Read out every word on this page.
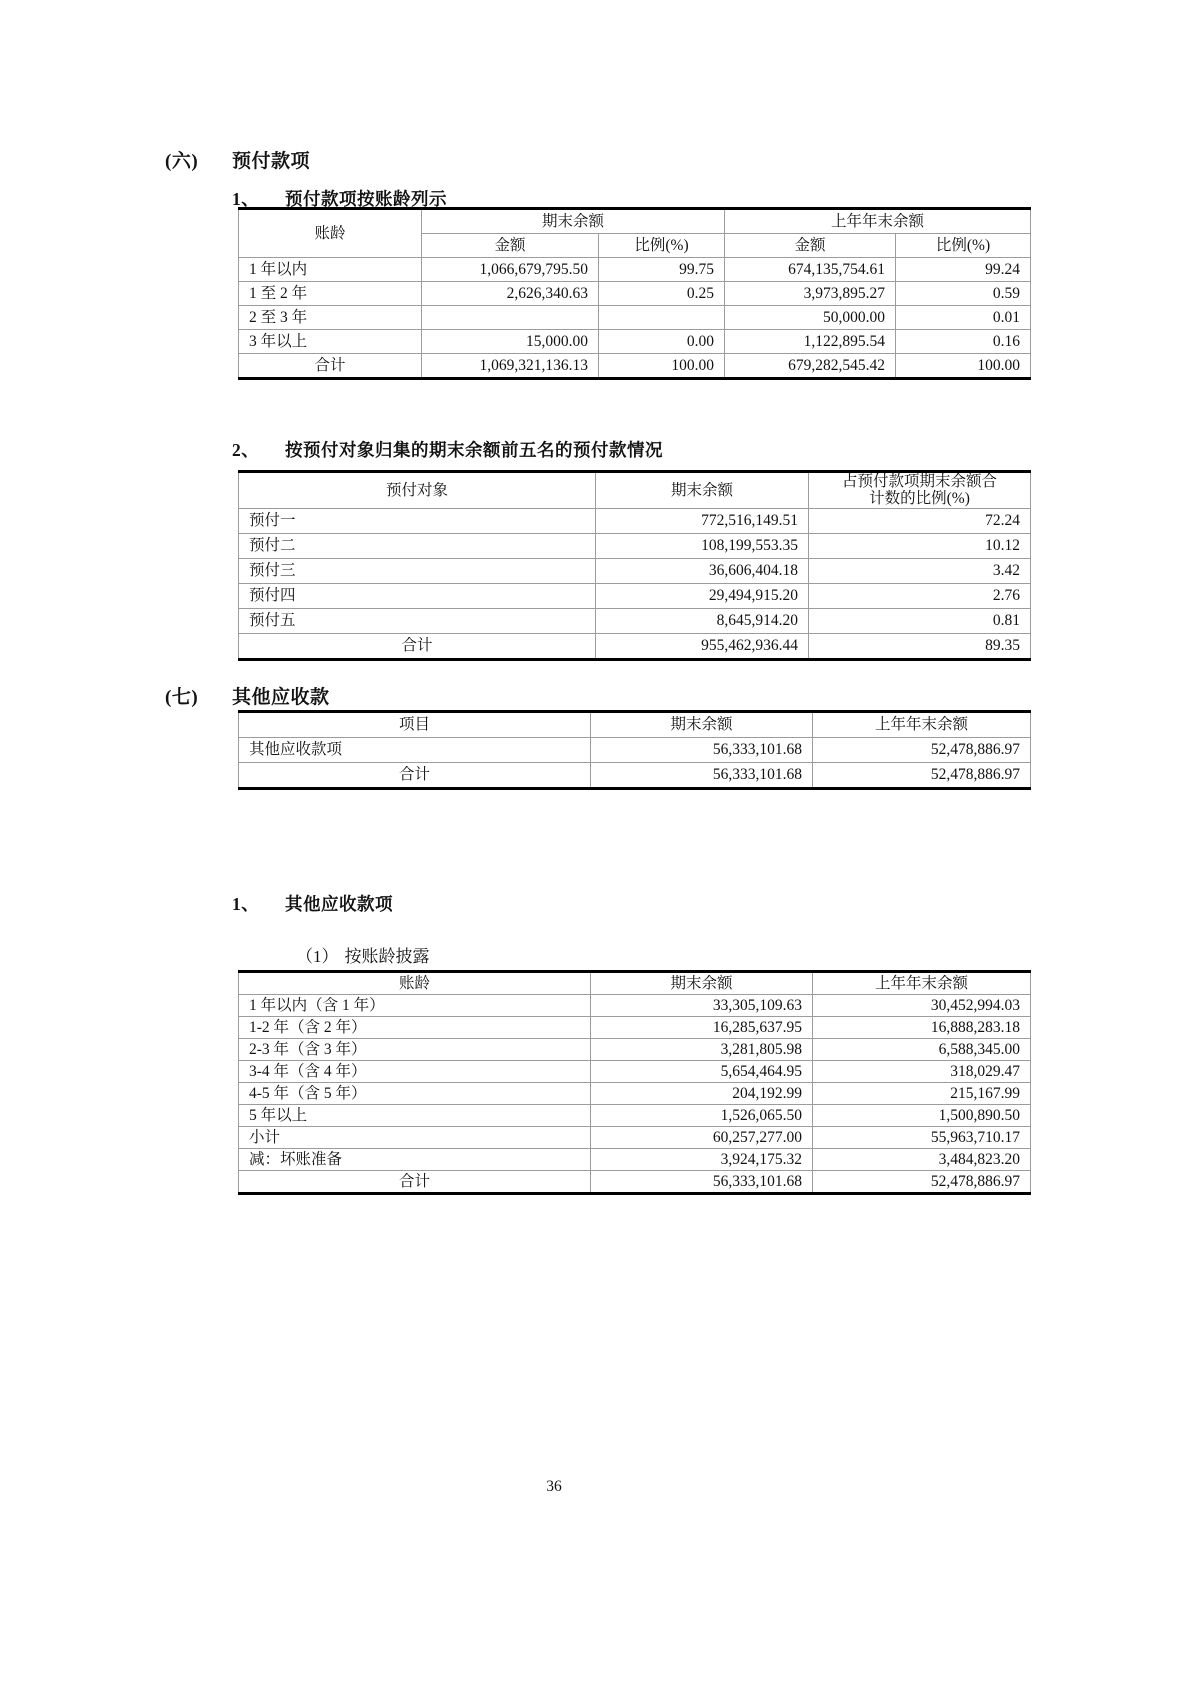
(六)	预付款项
1、	预付款项按账龄列示
账龄	期末余额		上年年末余额	
	金额	比例(%)	金额	比例(%)
1 年以内	1,066,679,795.50	99.75	674,135,754.61	99.24
1 至 2 年	2,626,340.63	0.25	3,973,895.27	0.59
2 至 3 年			50,000.00	0.01
3 年以上	15,000.00	0.00	1,122,895.54	0.16
合计	1,069,321,136.13	100.00	679,282,545.42	100.00
2、	按预付对象归集的期末余额前五名的预付款情况
预付对象	期末余额	占预付款项期末余额合
计数的比例(%)

预付一	772,516,149.51	72.24
预付二	108,199,553.35	10.12
预付三	36,606,404.18	3.42
预付四	29,494,915.20	2.76
预付五	8,645,914.20	0.81
合计	955,462,936.44	89.35
(七)	其他应收款
项目	期末余额	上年年末余额
其他应收款项	56,333,101.68	52,478,886.97
合计	56,333,101.68	52,478,886.97
1、	其他应收款项
（1） 按账龄披露
账龄	期末余额	上年年末余额
1 年以内（含 1 年）	33,305,109.63	30,452,994.03
1-2 年（含 2 年）	16,285,637.95	16,888,283.18
2-3 年（含 3 年）	3,281,805.98	6,588,345.00
3-4 年（含 4 年）	5,654,464.95	318,029.47
4-5 年（含 5 年）	204,192.99	215,167.99
5 年以上	1,526,065.50	1,500,890.50
小计	60,257,277.00	55,963,710.17
减：坏账准备	3,924,175.32	3,484,823.20
合计	56,333,101.68	52,478,886.97
36
